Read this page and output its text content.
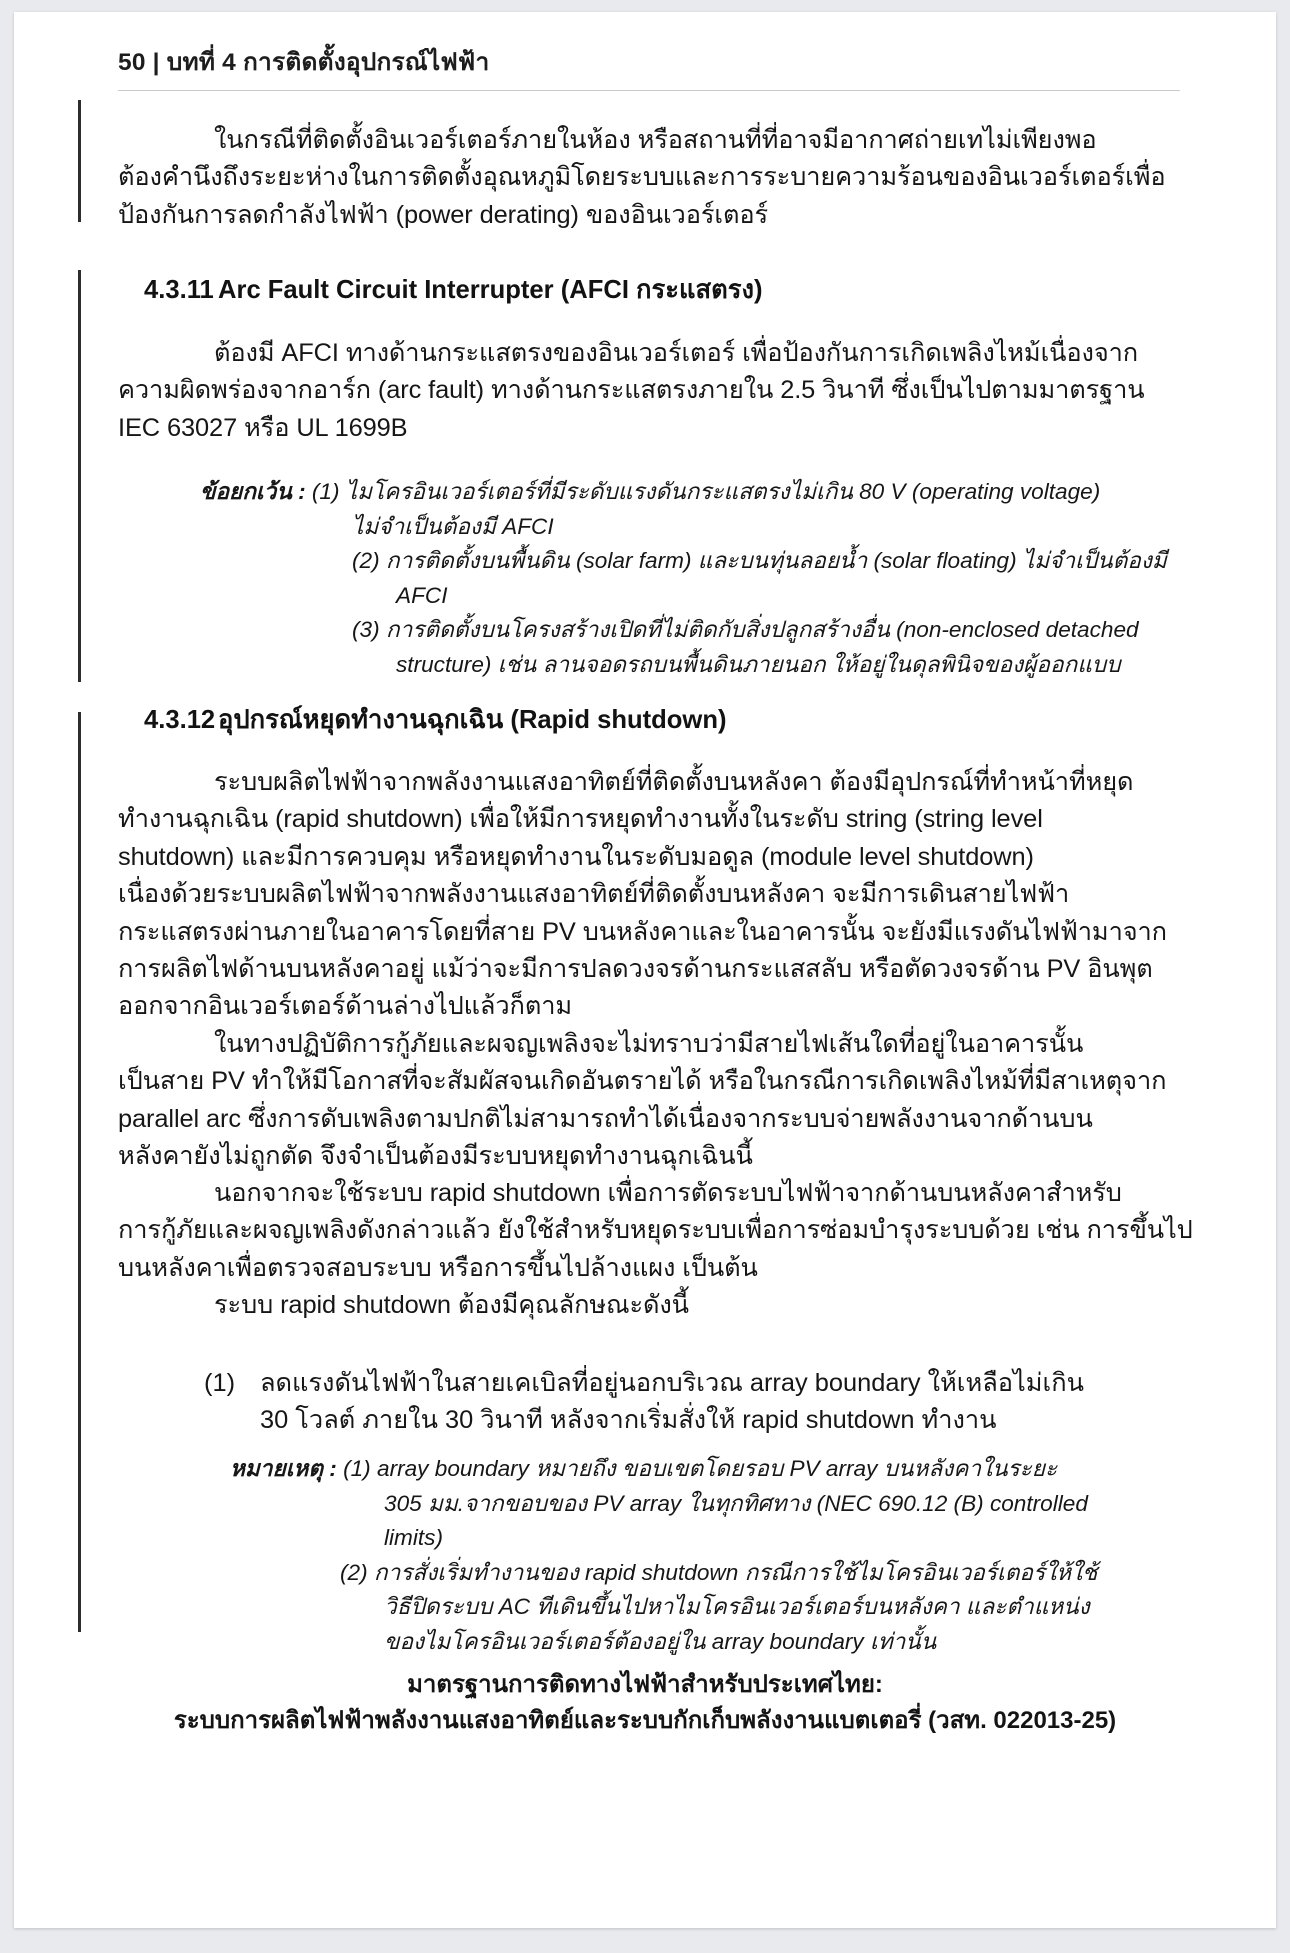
50 | บทที่ 4 การติดตั้งอุปกรณ์ไฟฟ้า
ในกรณีที่ติดตั้งอินเวอร์เตอร์ภายในห้อง หรือสถานที่ที่อาจมีอากาศถ่ายเทไม่เพียงพอ
ต้องคำนึงถึงระยะห่างในการติดตั้งอุณหภูมิโดยระบบและการระบายความร้อนของอินเวอร์เตอร์เพื่อ
ป้องกันการลดกำลังไฟฟ้า (power derating) ของอินเวอร์เตอร์
4.3.11 Arc Fault Circuit Interrupter (AFCI กระแสตรง)
ต้องมี AFCI ทางด้านกระแสตรงของอินเวอร์เตอร์ เพื่อป้องกันการเกิดเพลิงไหม้เนื่องจาก
ความผิดพร่องจากอาร์ก (arc fault) ทางด้านกระแสตรงภายใน 2.5 วินาที ซึ่งเป็นไปตามมาตรฐาน
IEC 63027 หรือ UL 1699B
ข้อยกเว้น : (1) ไมโครอินเวอร์เตอร์ที่มีระดับแรงดันกระแสตรงไม่เกิน 80 V (operating voltage)
ไม่จำเป็นต้องมี AFCI
(2) การติดตั้งบนพื้นดิน (solar farm) และบนทุ่นลอยน้ำ (solar floating) ไม่จำเป็นต้องมี
AFCI
(3) การติดตั้งบนโครงสร้างเปิดที่ไม่ติดกับสิ่งปลูกสร้างอื่น (non-enclosed detached
structure) เช่น ลานจอดรถบนพื้นดินภายนอก ให้อยู่ในดุลพินิจของผู้ออกแบบ
4.3.12 อุปกรณ์หยุดทำงานฉุกเฉิน (Rapid shutdown)
ระบบผลิตไฟฟ้าจากพลังงานแสงอาทิตย์ที่ติดตั้งบนหลังคา ต้องมีอุปกรณ์ที่ทำหน้าที่หยุด
ทำงานฉุกเฉิน (rapid shutdown) เพื่อให้มีการหยุดทำงานทั้งในระดับ string (string level
shutdown) และมีการควบคุม หรือหยุดทำงานในระดับมอดูล (module level shutdown)
เนื่องด้วยระบบผลิตไฟฟ้าจากพลังงานแสงอาทิตย์ที่ติดตั้งบนหลังคา จะมีการเดินสายไฟฟ้า
กระแสตรงผ่านภายในอาคารโดยที่สาย PV บนหลังคาและในอาคารนั้น จะยังมีแรงดันไฟฟ้ามาจาก
การผลิตไฟด้านบนหลังคาอยู่ แม้ว่าจะมีการปลดวงจรด้านกระแสสลับ หรือตัดวงจรด้าน PV อินพุต
ออกจากอินเวอร์เตอร์ด้านล่างไปแล้วก็ตาม
ในทางปฏิบัติการกู้ภัยและผจญเพลิงจะไม่ทราบว่ามีสายไฟเส้นใดที่อยู่ในอาคารนั้น
เป็นสาย PV ทำให้มีโอกาสที่จะสัมผัสจนเกิดอันตรายได้ หรือในกรณีการเกิดเพลิงไหม้ที่มีสาเหตุจาก
parallel arc ซึ่งการดับเพลิงตามปกติไม่สามารถทำได้เนื่องจากระบบจ่ายพลังงานจากด้านบน
หลังคายังไม่ถูกตัด จึงจำเป็นต้องมีระบบหยุดทำงานฉุกเฉินนี้
นอกจากจะใช้ระบบ rapid shutdown เพื่อการตัดระบบไฟฟ้าจากด้านบนหลังคาสำหรับ
การกู้ภัยและผจญเพลิงดังกล่าวแล้ว ยังใช้สำหรับหยุดระบบเพื่อการซ่อมบำรุงระบบด้วย เช่น การขึ้นไป
บนหลังคาเพื่อตรวจสอบระบบ หรือการขึ้นไปล้างแผง เป็นต้น
ระบบ rapid shutdown ต้องมีคุณลักษณะดังนี้
(1) ลดแรงดันไฟฟ้าในสายเคเบิลที่อยู่นอกบริเวณ array boundary ให้เหลือไม่เกิน
30 โวลต์ ภายใน 30 วินาที หลังจากเริ่มสั่งให้ rapid shutdown ทำงาน
หมายเหตุ : (1) array boundary หมายถึง ขอบเขตโดยรอบ PV array บนหลังคาในระยะ
305 มม.จากขอบของ PV array ในทุกทิศทาง (NEC 690.12 (B) controlled
limits)
(2) การสั่งเริ่มทำงานของ rapid shutdown กรณีการใช้ไมโครอินเวอร์เตอร์ให้ใช้
วิธีปิดระบบ AC ทีเดินขึ้นไปหาไมโครอินเวอร์เตอร์บนหลังคา และตำแหน่ง
ของไมโครอินเวอร์เตอร์ต้องอยู่ใน array boundary เท่านั้น
มาตรฐานการติดทางไฟฟ้าสำหรับประเทศไทย:
ระบบการผลิตไฟฟ้าพลังงานแสงอาทิตย์และระบบกักเก็บพลังงานแบตเตอรี่ (วสท. 022013-25)
